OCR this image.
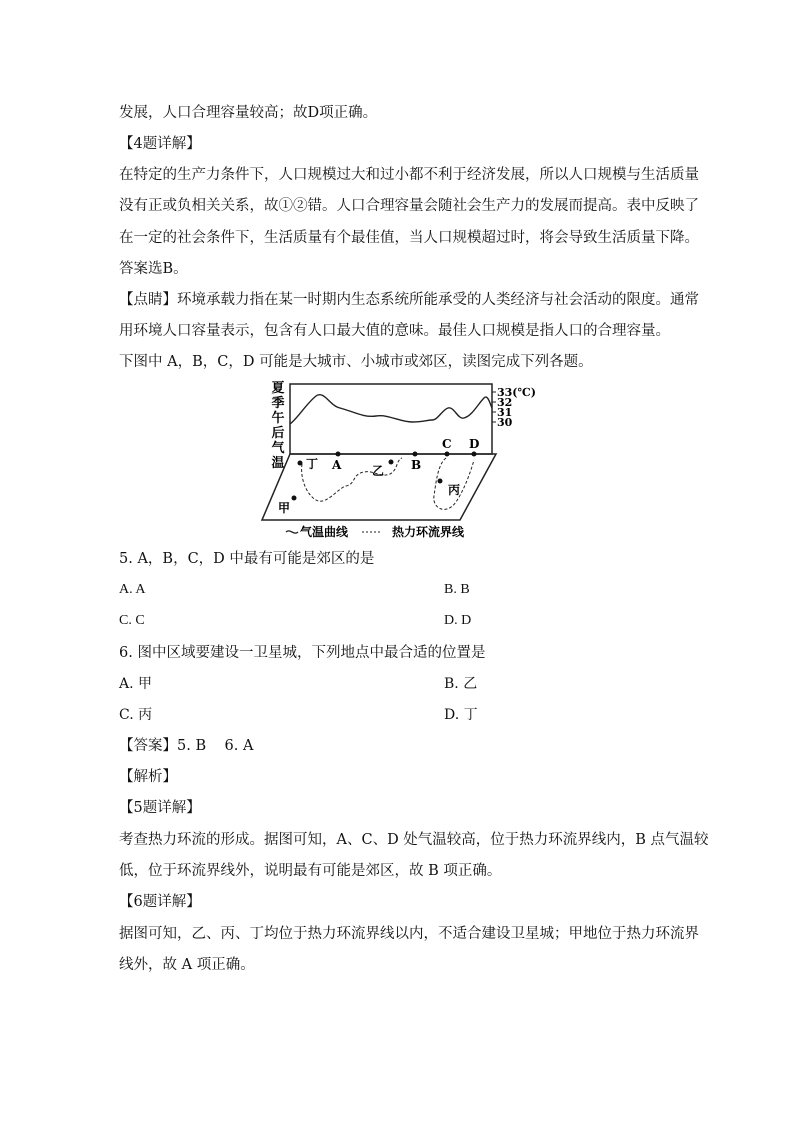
发展，人口合理容量较高；故D项正确。
【4题详解】
在特定的生产力条件下，人口规模过大和过小都不利于经济发展，所以人口规模与生活质量
没有正或负相关关系，故①②错。人口合理容量会随社会生产力的发展而提高。表中反映了
在一定的社会条件下，生活质量有个最佳值，当人口规模超过时，将会导致生活质量下降。
答案选B。
【点睛】环境承载力指在某一时期内生态系统所能承受的人类经济与社会活动的限度。通常
用环境人口容量表示，包含有人口最大值的意味。最佳人口规模是指人口的合理容量。
下图中 A，B，C，D 可能是大城市、小城市或郊区，读图完成下列各题。
夏
季
午
后
气
温
33(℃)
32
31
30
A	B
C D
丁	乙
丙
甲
气温曲线	热力环流界线
5. A，B，C，D 中最有可能是郊区的是
A. A	B. B
C. C	D. D
6. 图中区域要建设一卫星城，下列地点中最合适的位置是
A. 甲	B. 乙
C. 丙	D. 丁
【答案】5. B    6. A
【解析】
【5题详解】
考查热力环流的形成。据图可知，A、C、D 处气温较高，位于热力环流界线内，B 点气温较
低，位于环流界线外，说明最有可能是郊区，故 B 项正确。
【6题详解】
据图可知，乙、丙、丁均位于热力环流界线以内，不适合建设卫星城；甲地位于热力环流界
线外，故 A 项正确。
